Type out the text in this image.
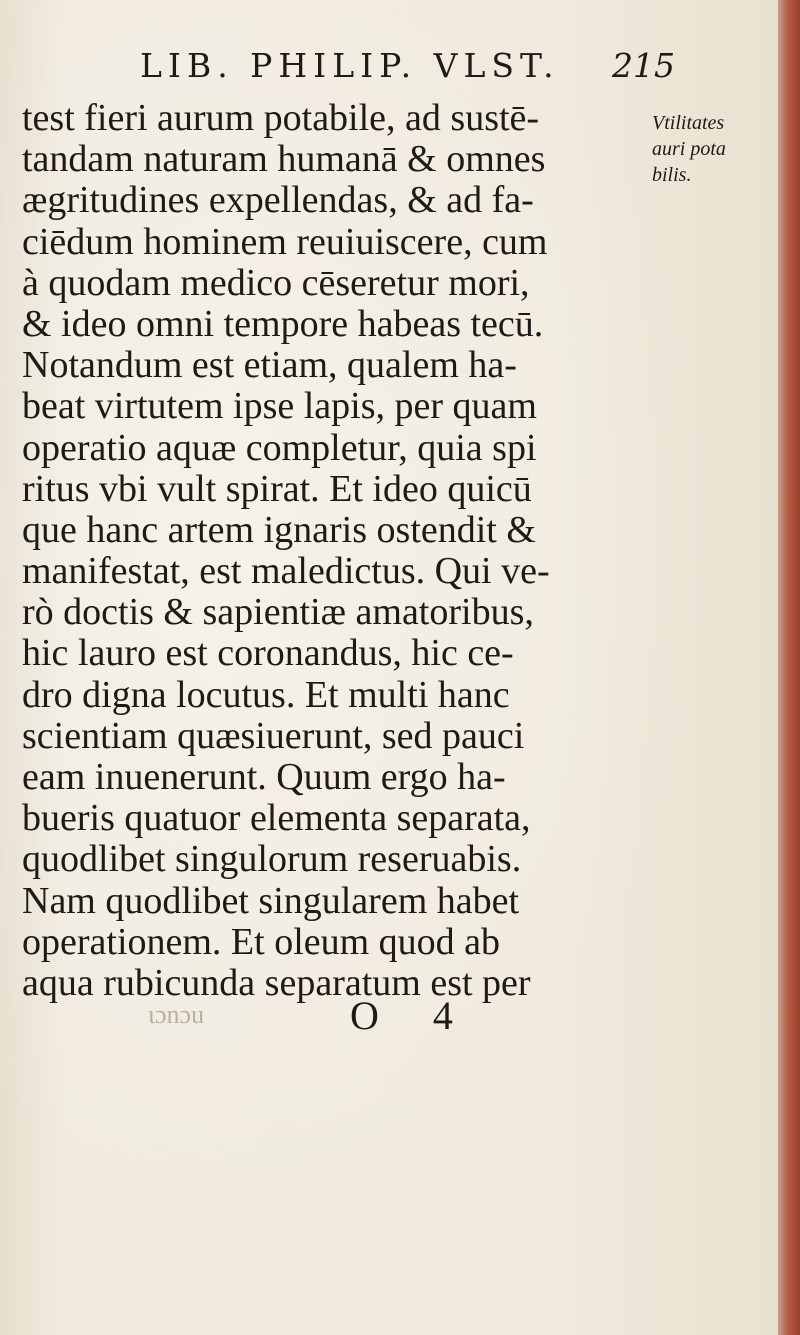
LIB. PHILIP. VLST. 215
Vtilitates
auri pota
bilis.
test fieri aurum potabile, ad sustē-
tandam naturam humanā & omnes
ægritudines expellendas, & ad fa-
ciēdum hominem reuiuiscere, cum
à quodam medico cēseretur mori,
& ideo omni tempore habeas tecū.
Notandum est etiam, qualem ha-
beat virtutem ipse lapis, per quam
operatio aquæ completur, quia spi
ritus vbi vult spirat. Et ideo quicū
que hanc artem ignaris ostendit &
manifestat, est maledictus. Qui ve-
rò doctis & sapientiæ amatoribus,
hic lauro est coronandus, hic ce-
dro digna locutus. Et multi hanc
scientiam quæsiuerunt, sed pauci
eam inuenerunt. Quum ergo ha-
bueris quatuor elementa separata,
quodlibet singulorum reseruabis.
Nam quodlibet singularem habet
operationem. Et oleum quod ab
aqua rubicunda separatum est per
ɩɔnɔu	O 4
